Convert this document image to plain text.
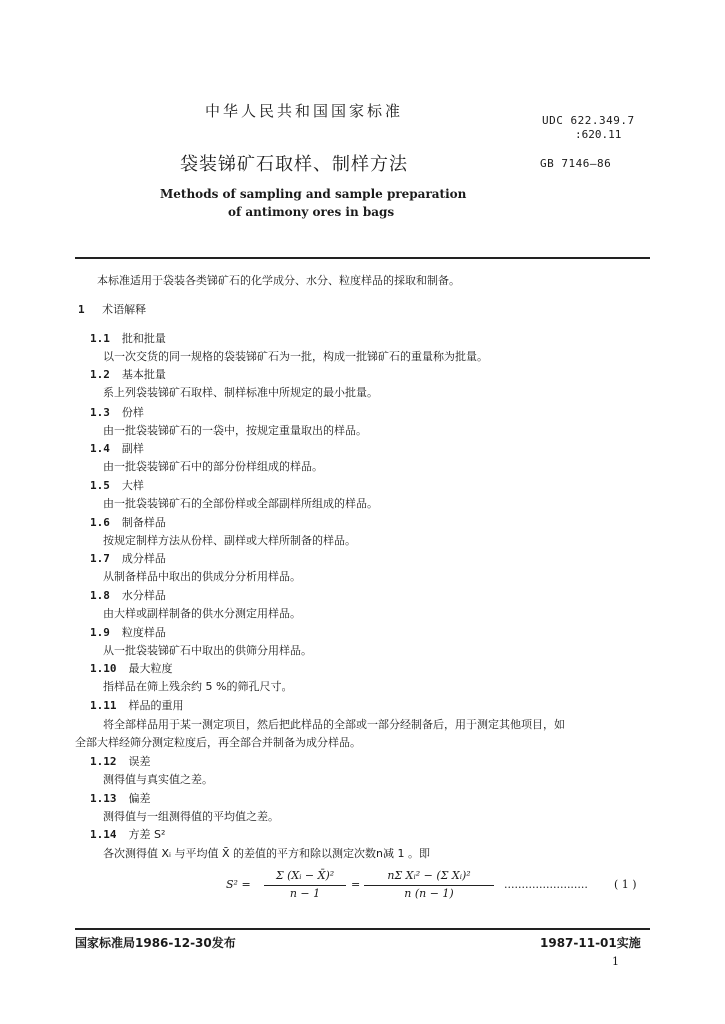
中华人民共和国国家标准
UDC 622.349.7
:620.11
袋装锑矿石取样、制样方法	GB 7146—86
Methods of sampling and sample preparation
of antimony ores in bags
本标准适用于袋装各类锑矿石的化学成分、水分、粒度样品的採取和制备。
1 术语解释
1.1 批和批量
以一次交货的同一规格的袋装锑矿石为一批，构成一批锑矿石的重量称为批量。
1.2 基本批量
系上列袋装锑矿石取样、制样标准中所规定的最小批量。
1.3 份样
由一批袋装锑矿石的一袋中，按规定重量取出的样品。
1.4 副样
由一批袋装锑矿石中的部分份样组成的样品。
1.5 大样
由一批袋装锑矿石的全部份样或全部副样所组成的样品。
1.6 制备样品
按规定制样方法从份样、副样或大样所制备的样品。
1.7 成分样品
从制备样品中取出的供成分分析用样品。
1.8 水分样品
由大样或副样制备的供水分测定用样品。
1.9 粒度样品
从一批袋装锑矿石中取出的供筛分用样品。
1.10 最大粒度
指样品在筛上残余约 5 %的筛孔尺寸。
1.11 样品的重用
将全部样品用于某一测定项目，然后把此样品的全部或一部分经制备后，用于测定其他项目，如
全部大样经筛分测定粒度后，再全部合并制备为成分样品。
1.12 误差
测得值与真实值之差。
1.13 偏差
测得值与一组测得值的平均值之差。
1.14 方差 S²
各次测得值 Xᵢ 与平均值 X̄ 的差值的平方和除以测定次数n减 1 。即
S² =
Σ (Xᵢ − X̄)²
n − 1
=
nΣ Xᵢ² − (Σ Xᵢ)²
n (n − 1)
........................ ( 1 )
国家标准局1986-12-30发布	1987-11-01实施
1
